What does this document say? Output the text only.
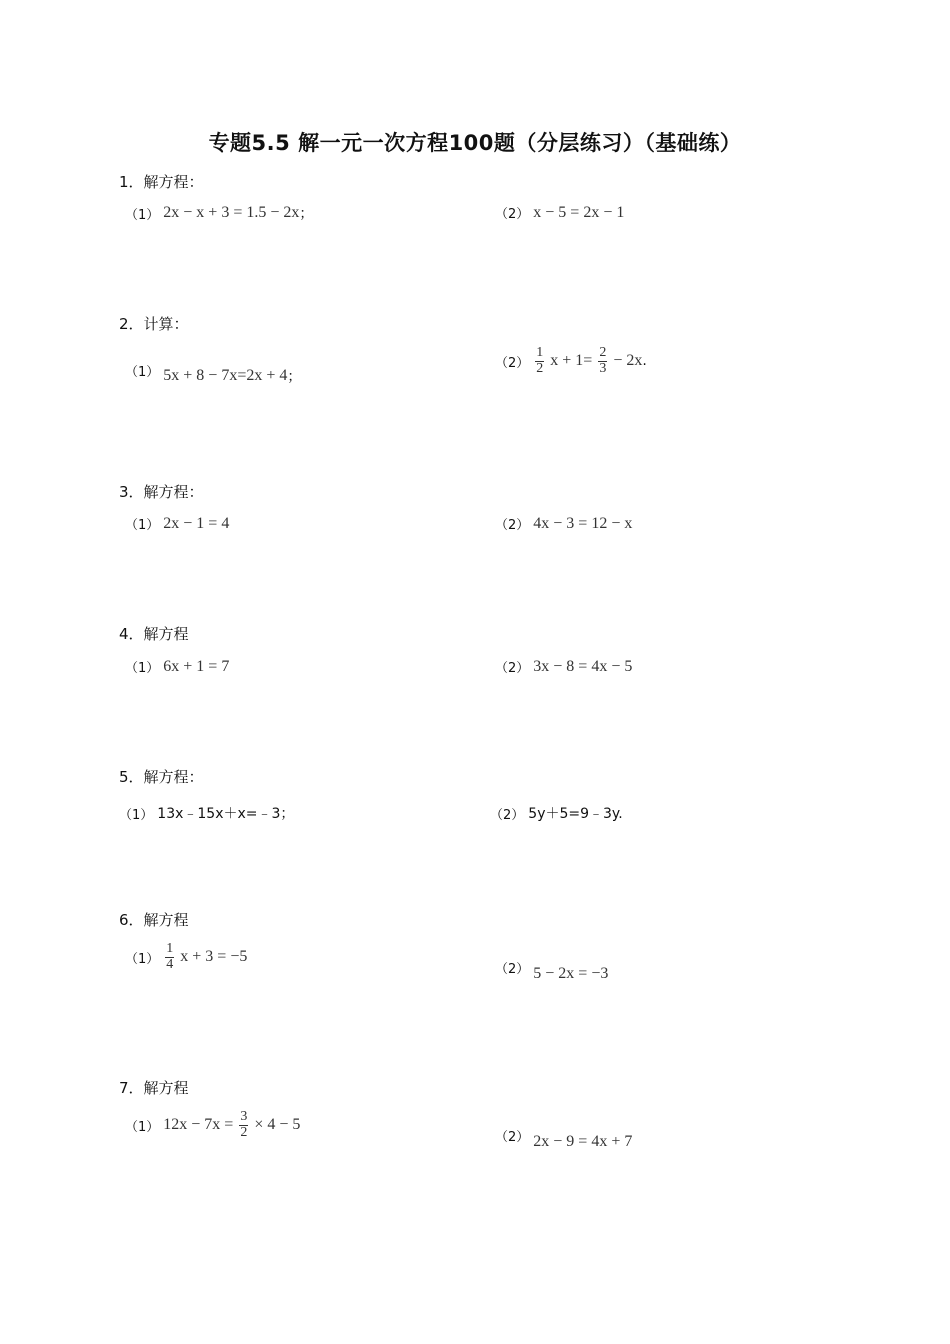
专题5.5 解一元一次方程100题（分层练习）（基础练）
1．解方程：
（1） 2x − x + 3 = 1.5 − 2x ；	（2） x − 5 = 2x − 1
2．计算：
（1） 5x + 8 − 7x=2x + 4 ；
$(2) \frac{1}{2}$ $x + 1= \frac{2}{3} - 2x$ .
3．解方程：
（1） 2x − 1 = 4	（2） 4x − 3 = 12 − x
4．解方程
（1） 6x + 1 = 7	（2） 3x − 8 = 4x − 5
5．解方程：
（1） 13x﹣15x＋x=﹣3；	（2） 5y＋5=9﹣3y.
6．解方程
$(1) \frac{1}{4}$ x + 3 = −5
（2） 5 − 2x = −3
7．解方程
（1） $12x - 7x = \frac{3}{2} \times 4 - 5$
（2） 2x − 9 = 4x + 7
